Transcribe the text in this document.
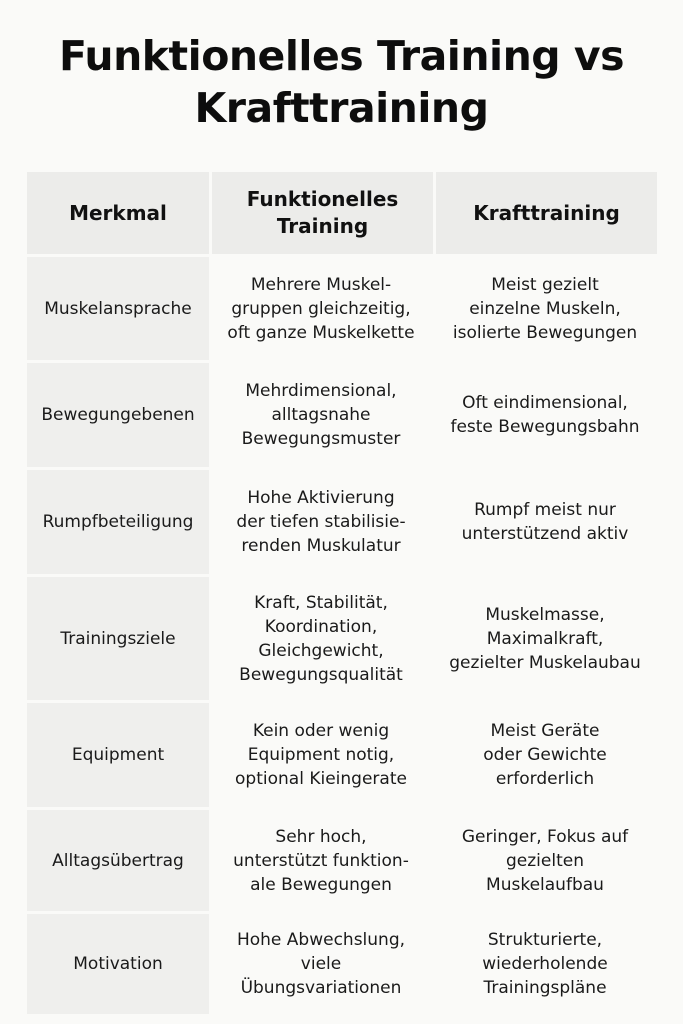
Funktionelles Training vs
Krafttraining
Merkmal
Funktionelles
Training
Krafttraining
Muskelansprache
Mehrere Muskel-
gruppen gleichzeitig,
oft ganze Muskelkette
Meist gezielt
einzelne Muskeln,
isolierte Bewegungen
Bewegungebenen
Mehrdimensional,
alltagsnahe
Bewegungsmuster
Oft eindimensional,
feste Bewegungsbahn
Rumpfbeteiligung
Hohe Aktivierung
der tiefen stabilisie-
renden Muskulatur
Rumpf meist nur
unterstützend aktiv
Trainingsziele
Kraft, Stabilität,
Koordination,
Gleichgewicht,
Bewegungsqualität
Muskelmasse,
Maximalkraft,
gezielter Muskelaubau
Equipment
Kein oder wenig
Equipment notig,
optional Kieingerate
Meist Geräte
oder Gewichte
erforderlich
Alltagsübertrag
Sehr hoch,
unterstützt funktion-
ale Bewegungen
Geringer, Fokus auf
gezielten
Muskelaufbau
Motivation
Hohe Abwechslung,
viele
Übungsvariationen
Strukturierte,
wiederholende
Trainingspläne
